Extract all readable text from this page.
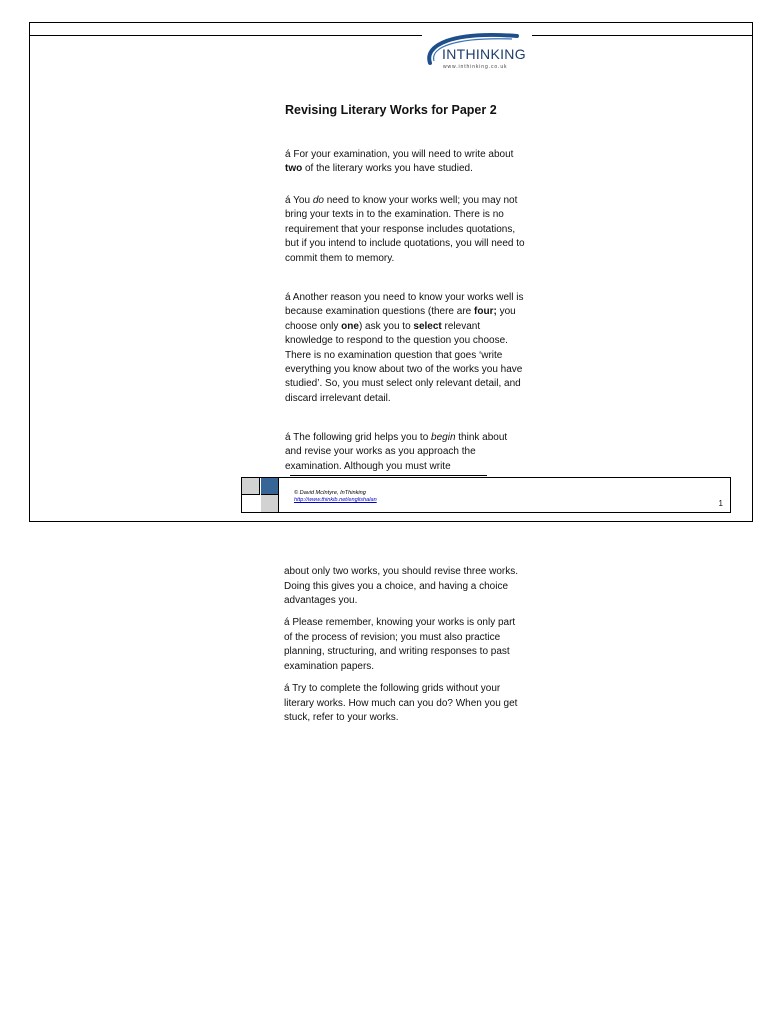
INTHINKING
www.inthinking.co.uk
Revising Literary Works for Paper 2

á For your examination, you will need to write about two of the literary works you have studied.

á You do need to know your works well; you may not bring your texts in to the examination. There is no requirement that your response includes quotations, but if you intend to include quotations, you will need to commit them to memory.

á Another reason you need to know your works well is because examination questions (there are four; you choose only one) ask you to select relevant knowledge to respond to the question you choose. There is no examination question that goes ‘write everything you know about two of the works you have studied’. So, you must select only relevant detail, and discard irrelevant detail.

á The following grid helps you to begin think about and revise your works as you approach the examination. Although you must write

© David McIntyre, InThinking
http://www.thinkib.net/englishalan	1

about only two works, you should revise three works. Doing this gives you a choice, and having a choice advantages you.

á Please remember, knowing your works is only part of the process of revision; you must also practice planning, structuring, and writing responses to past examination papers.

á Try to complete the following grids without your literary works. How much can you do? When you get stuck, refer to your works.
